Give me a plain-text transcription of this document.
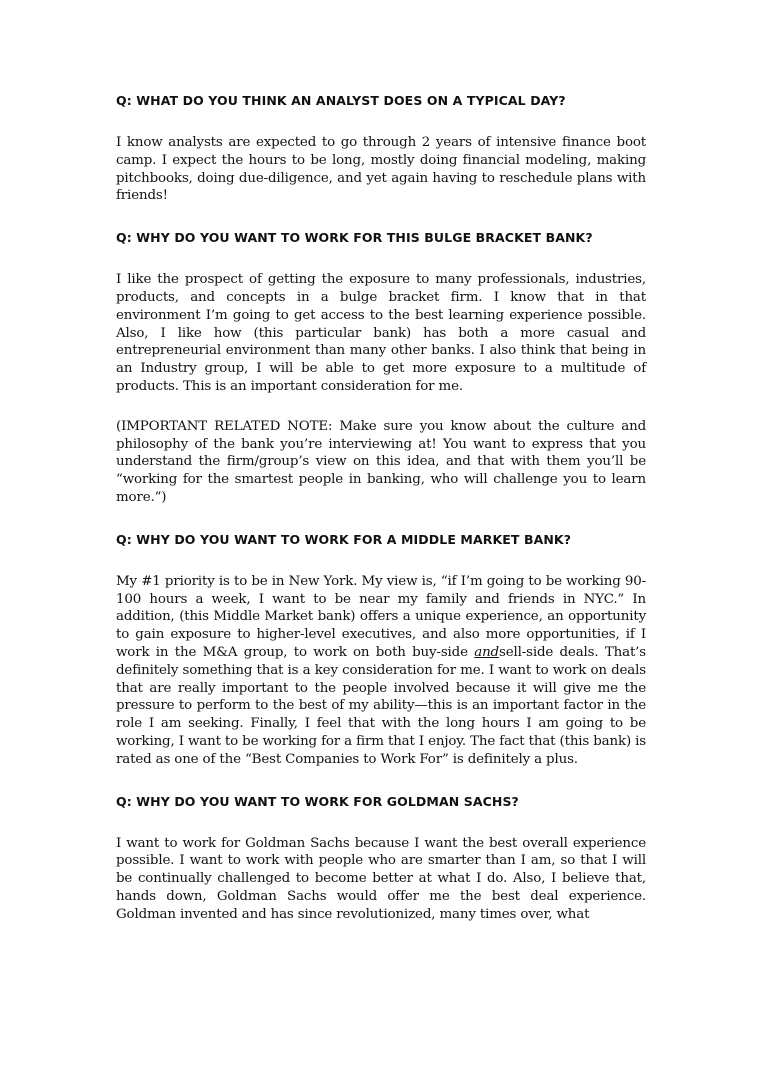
Q: WHAT DO YOU THINK AN ANALYST DOES ON A TYPICAL DAY?
I know analysts are expected to go through 2 years of intensive finance boot camp. I expect the hours to be long, mostly doing financial modeling, making pitchbooks, doing due-diligence, and yet again having to reschedule plans with friends!
Q: WHY DO YOU WANT TO WORK FOR THIS BULGE BRACKET BANK?
I like the prospect of getting the exposure to many professionals, industries, products, and concepts in a bulge bracket firm. I know that in that environment I’m going to get access to the best learning experience possible. Also, I like how (this particular bank) has both a more casual and entrepreneurial environment than many other banks. I also think that being in an Industry group, I will be able to get more exposure to a multitude of products. This is an important consideration for me.
(IMPORTANT RELATED NOTE: Make sure you know about the culture and philosophy of the bank you’re interviewing at! You want to express that you understand the firm/group’s view on this idea, and that with them you’ll be “working for the smartest people in banking, who will challenge you to learn more.”)
Q: WHY DO YOU WANT TO WORK FOR A MIDDLE MARKET BANK?
My #1 priority is to be in New York. My view is, “if I’m going to be working 90-100 hours a week, I want to be near my family and friends in NYC.” In addition, (this Middle Market bank) offers a unique experience, an opportunity to gain exposure to higher-level executives, and also more opportunities, if I work in the M&A group, to work on both buy-side andsell-side deals. That’s definitely something that is a key consideration for me. I want to work on deals that are really important to the people involved because it will give me the pressure to perform to the best of my ability—this is an important factor in the role I am seeking. Finally, I feel that with the long hours I am going to be working, I want to be working for a firm that I enjoy. The fact that (this bank) is rated as one of the “Best Companies to Work For” is definitely a plus.
Q: WHY DO YOU WANT TO WORK FOR GOLDMAN SACHS?
I want to work for Goldman Sachs because I want the best overall experience possible. I want to work with people who are smarter than I am, so that I will be continually challenged to become better at what I do. Also, I believe that, hands down, Goldman Sachs would offer me the best deal experience. Goldman invented and has since revolutionized, many times over, what
